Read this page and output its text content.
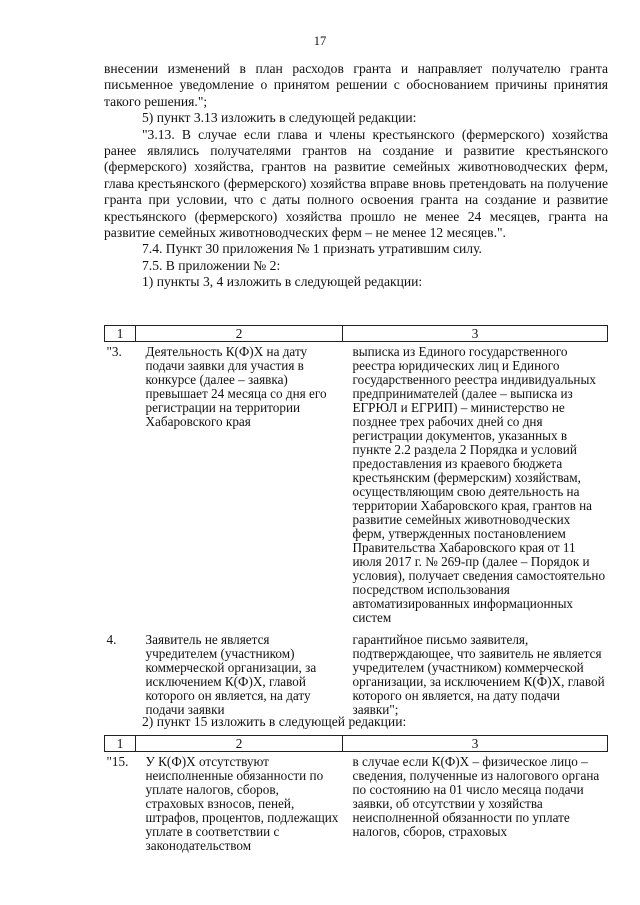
17

внесении изменений в план расходов гранта и направляет получателю гранта письменное уведомление о принятом решении с обоснованием причины принятия такого решения.";

5) пункт 3.13 изложить в следующей редакции:

"3.13. В случае если глава и члены крестьянского (фермерского) хозяйства ранее являлись получателями грантов на создание и развитие крестьянского (фермерского) хозяйства, грантов на развитие семейных животноводческих ферм, глава крестьянского (фермерского) хозяйства вправе вновь претендовать на получение гранта при условии, что с даты полного освоения гранта на создание и развитие крестьянского (фермерского) хозяйства прошло не менее 24 месяцев, гранта на развитие семейных животноводческих ферм – не менее 12 месяцев.".

7.4. Пункт 30 приложения № 1 признать утратившим силу.

7.5. В приложении № 2:

1) пункты 3, 4 изложить в следующей редакции:

1	2	3
"3.	Деятельность К(Ф)Х на дату подачи заявки для участия в конкурсе (далее – заявка) превышает 24 месяца со дня его регистрации на территории Хабаровского края	выписка из Единого государственного реестра юридических лиц и Единого государственного реестра индивидуальных предпринимателей (далее – выписка из ЕГРЮЛ и ЕГРИП) – министерство не позднее трех рабочих дней со дня регистрации документов, указанных в пункте 2.2 раздела 2 Порядка и условий предоставления из краевого бюджета крестьянским (фермерским) хозяйствам, осуществляющим свою деятельность на территории Хабаровского края, грантов на развитие семейных животноводческих ферм, утвержденных постановлением Правительства Хабаровского края от 11 июля 2017 г. № 269-пр (далее – Порядок и условия), получает сведения самостоятельно посредством использования автоматизированных информационных систем
4.	Заявитель не является учредителем (участником) коммерческой организации, за исключением К(Ф)Х, главой которого он является, на дату подачи заявки	гарантийное письмо заявителя, подтверждающее, что заявитель не является учредителем (участником) коммерческой организации, за исключением К(Ф)Х, главой которого он является, на дату подачи заявки";
2) пункт 15 изложить в следующей редакции:
1	2	3
"15.	У К(Ф)Х отсутствуют неисполненные обязанности по уплате налогов, сборов, страховых взносов, пеней, штрафов, процентов, подлежащих уплате в соответствии с законодательством	в случае если К(Ф)Х – физическое лицо – сведения, полученные из налогового органа по состоянию на 01 число месяца подачи заявки, об отсутствии у хозяйства неисполненной обязанности по уплате налогов, сборов, страховых
